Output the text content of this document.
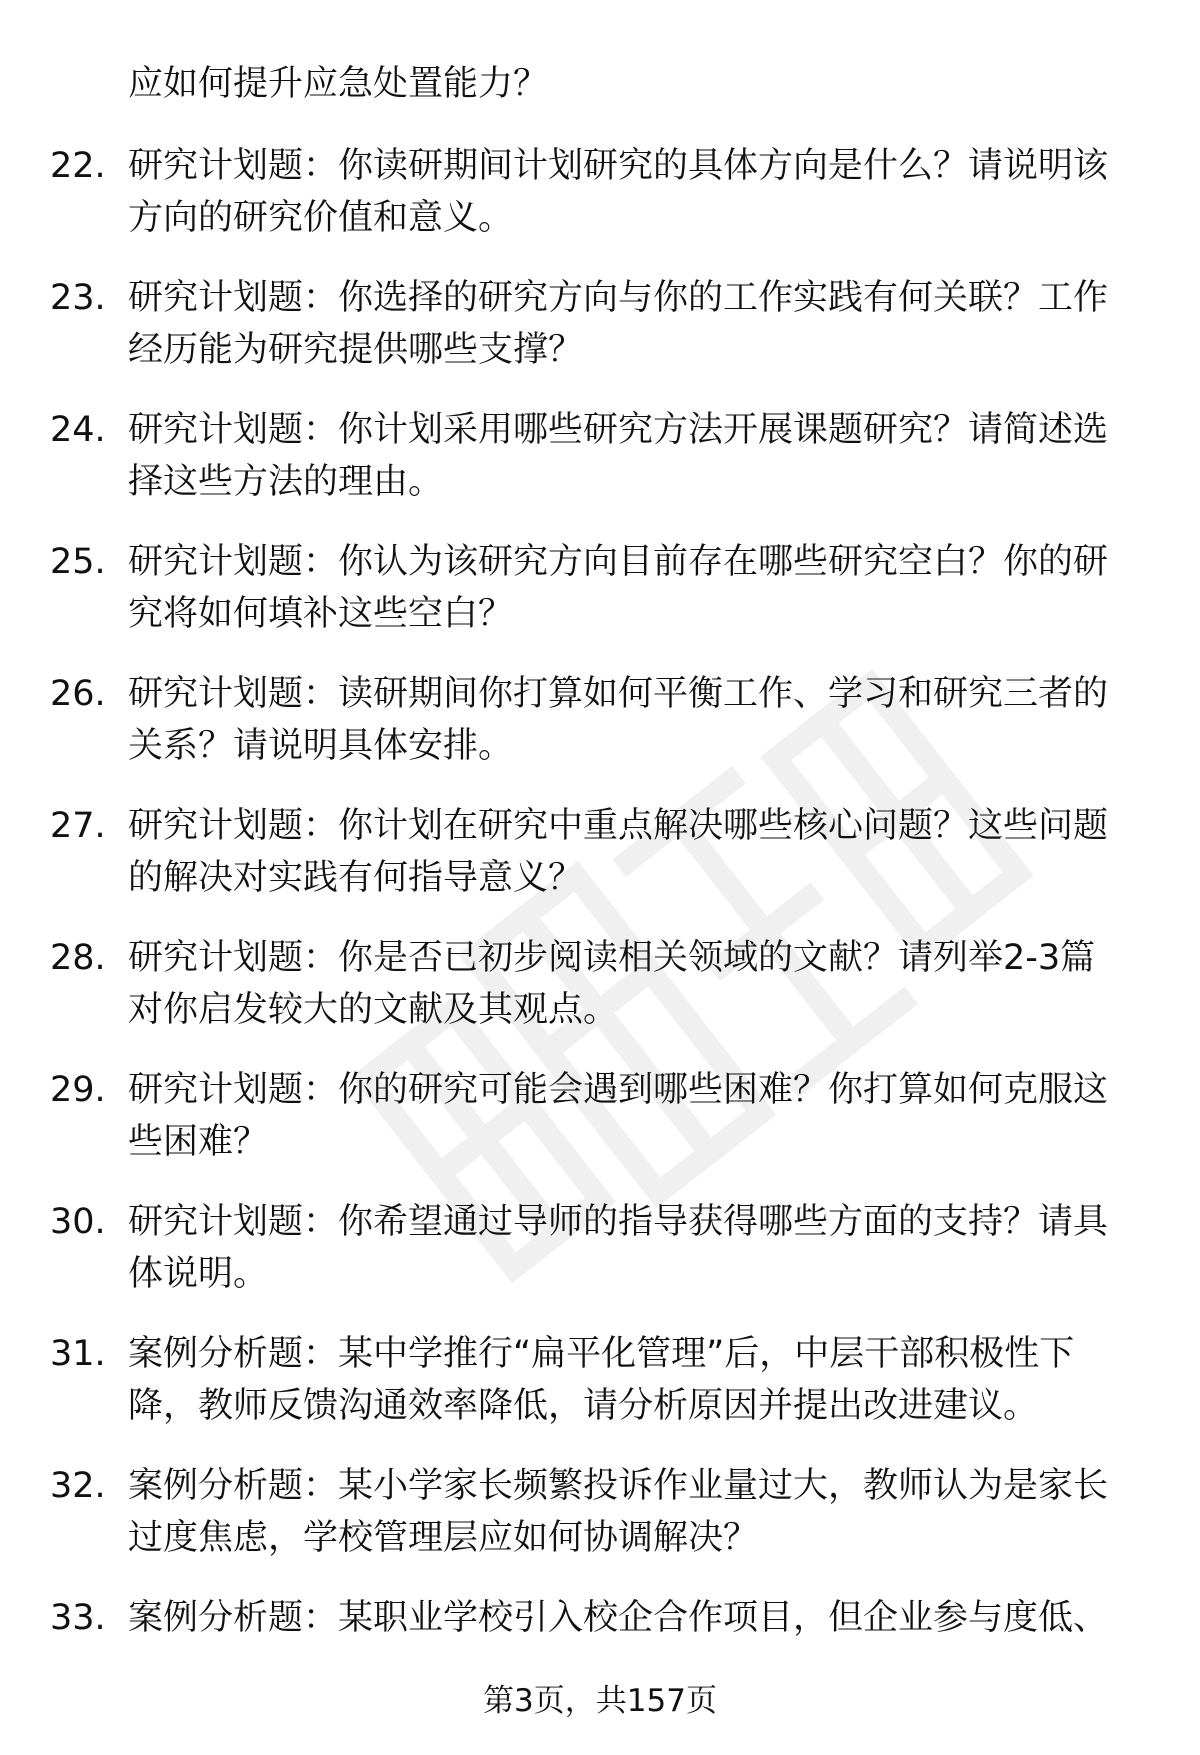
应如何提升应急处置能力？
22. 研究计划题：你读研期间计划研究的具体方向是什么？请说明该
方向的研究价值和意义。
23. 研究计划题：你选择的研究方向与你的工作实践有何关联？工作
经历能为研究提供哪些支撑？
24. 研究计划题：你计划采用哪些研究方法开展课题研究？请简述选
择这些方法的理由。
25. 研究计划题：你认为该研究方向目前存在哪些研究空白？你的研
究将如何填补这些空白？
26. 研究计划题：读研期间你打算如何平衡工作、学习和研究三者的
关系？请说明具体安排。
27. 研究计划题：你计划在研究中重点解决哪些核心问题？这些问题
的解决对实践有何指导意义？
28. 研究计划题：你是否已初步阅读相关领域的文献？请列举2-3篇
对你启发较大的文献及其观点。
29. 研究计划题：你的研究可能会遇到哪些困难？你打算如何克服这
些困难？
30. 研究计划题：你希望通过导师的指导获得哪些方面的支持？请具
体说明。
31. 案例分析题：某中学推行“扁平化管理”后，中层干部积极性下
降，教师反馈沟通效率降低，请分析原因并提出改进建议。
32. 案例分析题：某小学家长频繁投诉作业量过大，教师认为是家长
过度焦虑，学校管理层应如何协调解决？
33. 案例分析题：某职业学校引入校企合作项目，但企业参与度低、
第3页，共157页
